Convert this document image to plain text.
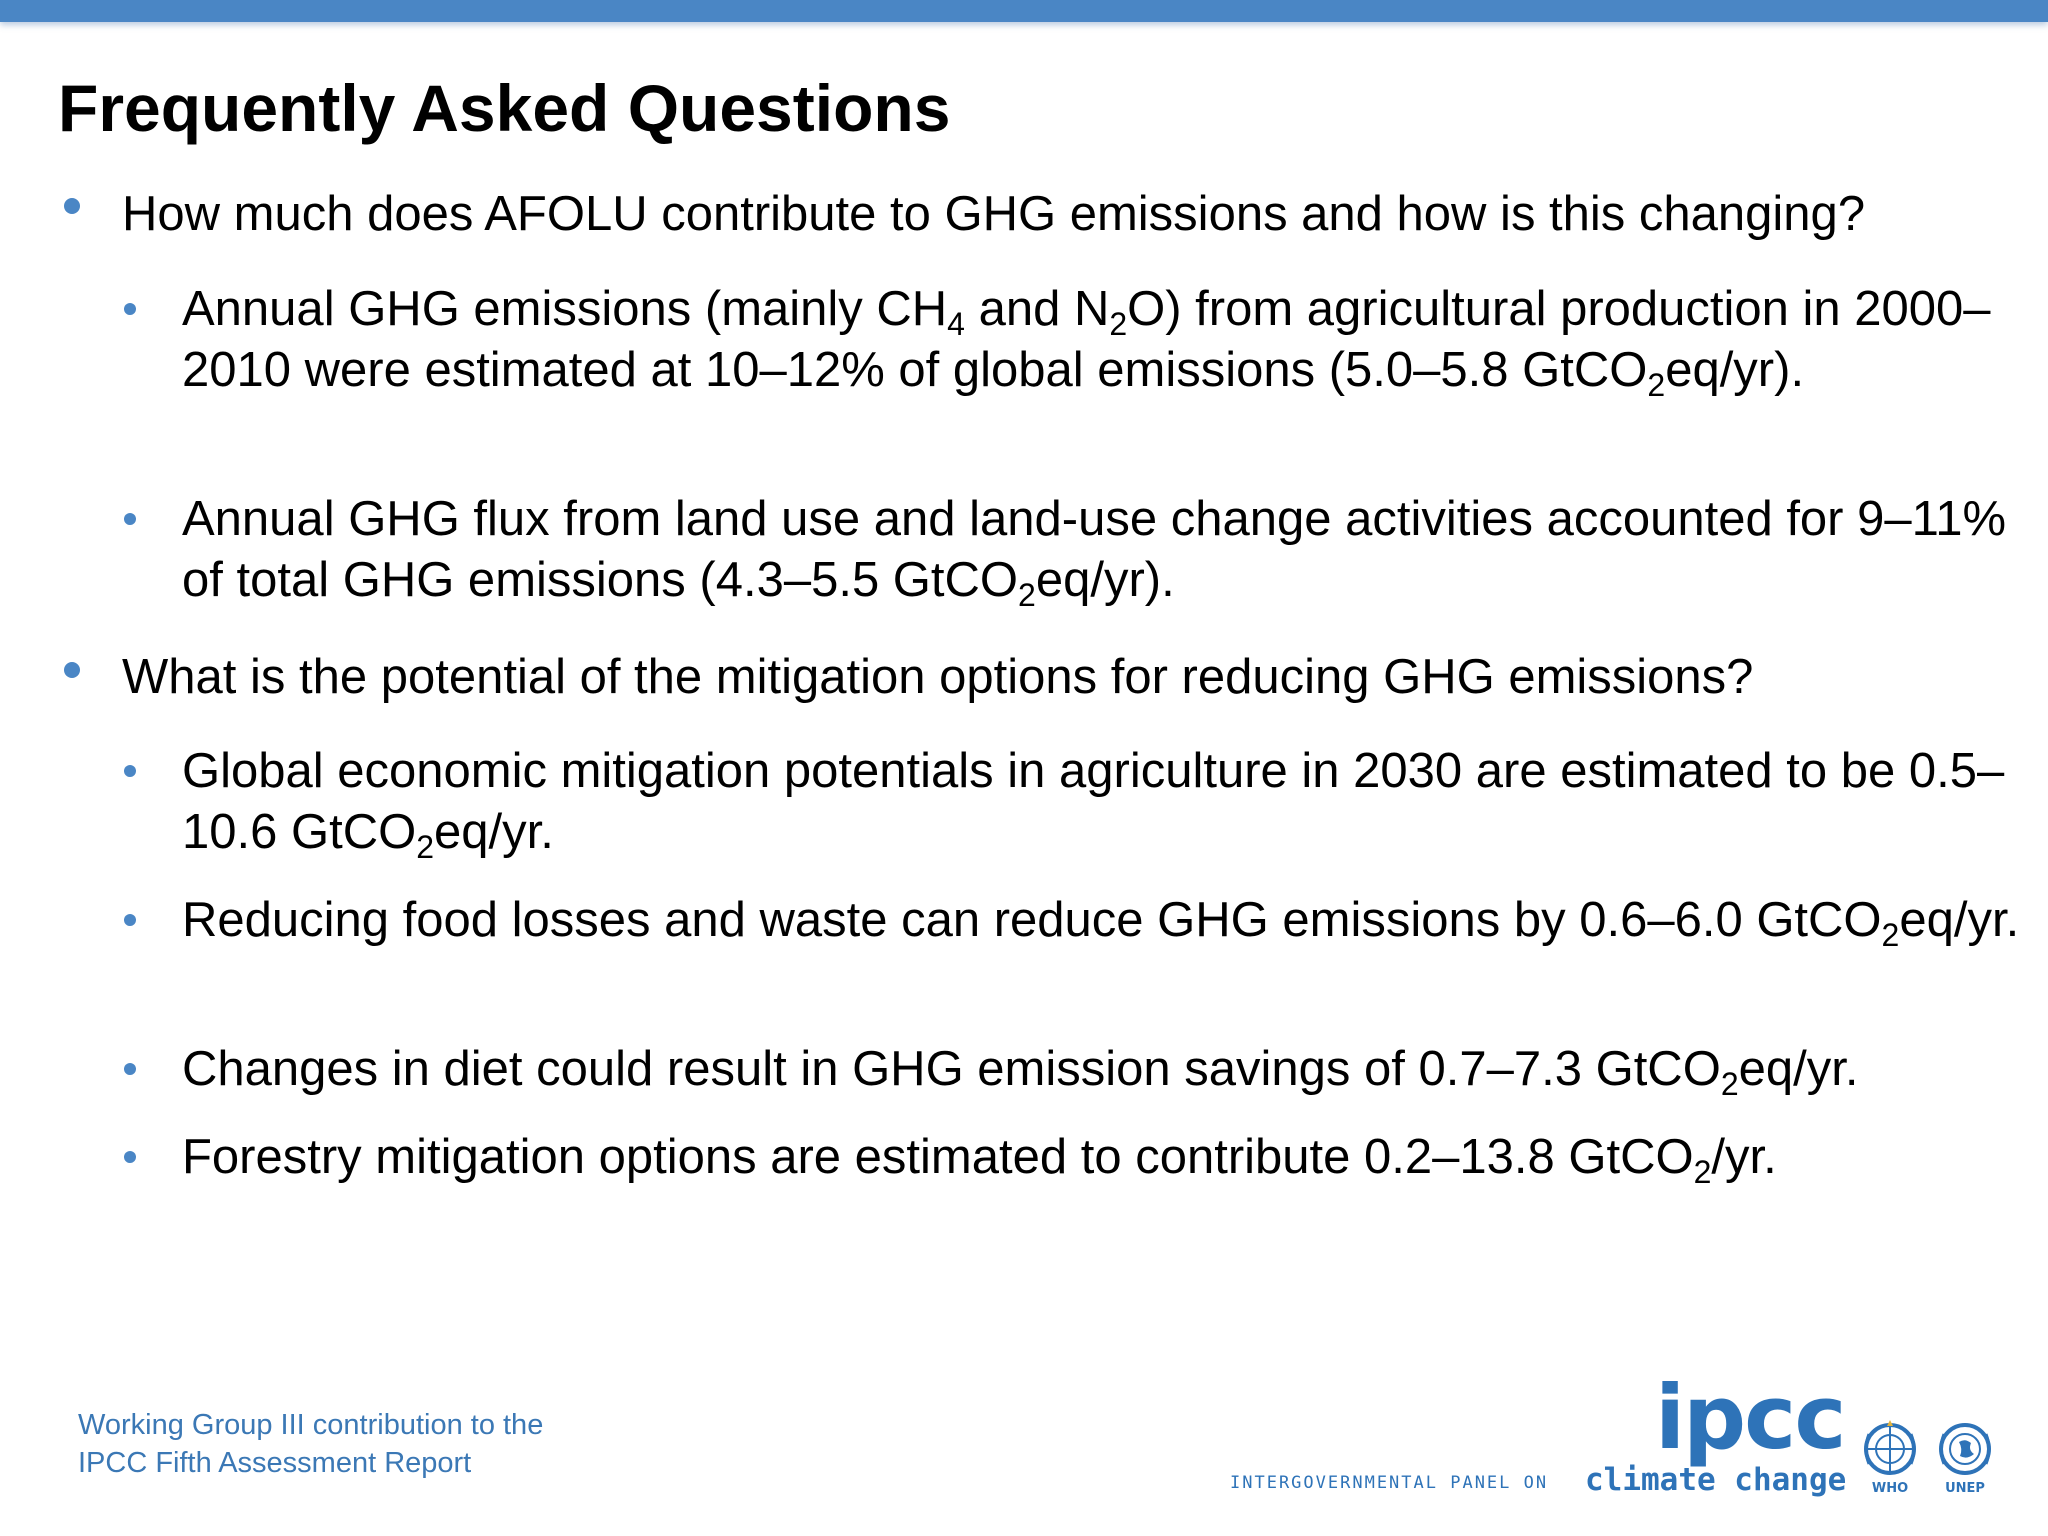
Frequently Asked Questions

How much does AFOLU contribute to GHG emissions and how is this changing?

Annual GHG emissions (mainly $CH_4$ and $N_2O$) from agricultural production in 2000–2010 were estimated at 10–12% of global emissions (5.0–5.8 GtCO$_2$eq/yr).

Annual GHG flux from land use and land-use change activities accounted for 9–11% of total GHG emissions (4.3–5.5 GtCO$_2$eq/yr).

What is the potential of the mitigation options for reducing GHG emissions?

Global economic mitigation potentials in agriculture in 2030 are estimated to be 0.5–10.6 GtCO$_2$eq/yr.

Reducing food losses and waste can reduce GHG emissions by 0.6–6.0 GtCO$_2$eq/yr.

Changes in diet could result in GHG emission savings of 0.7–7.3 GtCO$_2$eq/yr.

Forestry mitigation options are estimated to contribute 0.2–13.8 GtCO$_2$/yr.

Working Group III contribution to the
IPCC Fifth Assessment Report	ipcc
INTERGOVERNMENTAL PANEL ON climate change	WHO	UNEP
